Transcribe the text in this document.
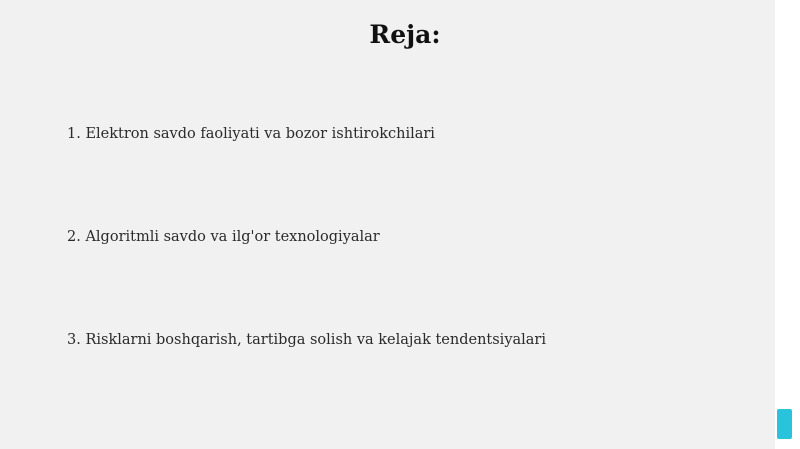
Reja:
1. Elektron savdo faoliyati va bozor ishtirokchilari
2. Algoritmli savdo va ilg'or texnologiyalar
3. Risklarni boshqarish, tartibga solish va kelajak tendentsiyalari
